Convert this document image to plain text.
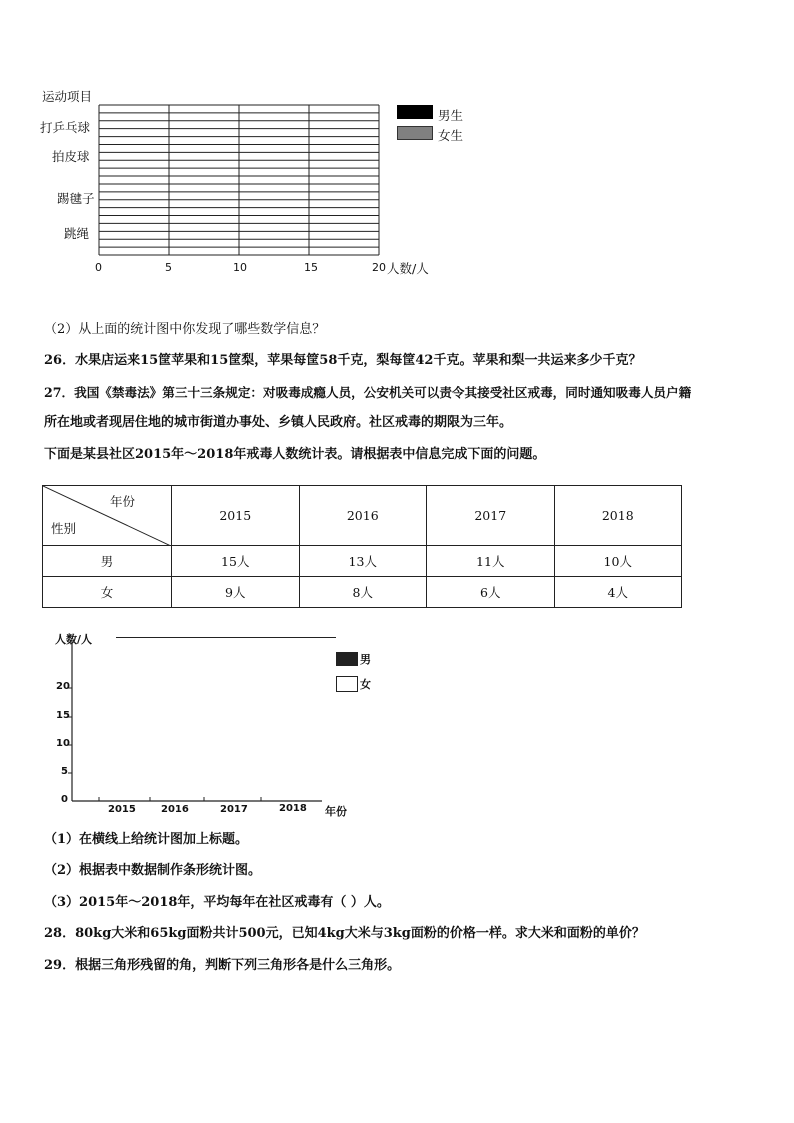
运动项目
打乒乓球
拍皮球
踢毽子
跳绳
0	5	10	15	20 人数/人
男生
女生
（2）从上面的统计图中你发现了哪些数学信息？
26．水果店运来15筐苹果和15筐梨，苹果每筐58千克，梨每筐42千克。苹果和梨一共运来多少千克？
27．我国《禁毒法》第三十三条规定：对吸毒成瘾人员，公安机关可以责令其接受社区戒毒，同时通知吸毒人员户籍
所在地或者现居住地的城市街道办事处、乡镇人民政府。社区戒毒的期限为三年。
下面是某县社区2015年～2018年戒毒人数统计表。请根据表中信息完成下面的问题。
年份
性别	2015	2016	2017	2018
男	15人	13人	11人	10人
女	9人	8人	6人	4人
人数/人
20
15
10
5
0
2015	2016	2017	2018 年份
男
女
（1）在横线上给统计图加上标题。
（2）根据表中数据制作条形统计图。
（3）2015年～2018年，平均每年在社区戒毒有（ ）人。
28．80kg大米和65kg面粉共计500元，已知4kg大米与3kg面粉的价格一样。求大米和面粉的单价？
29．根据三角形残留的角，判断下列三角形各是什么三角形。
